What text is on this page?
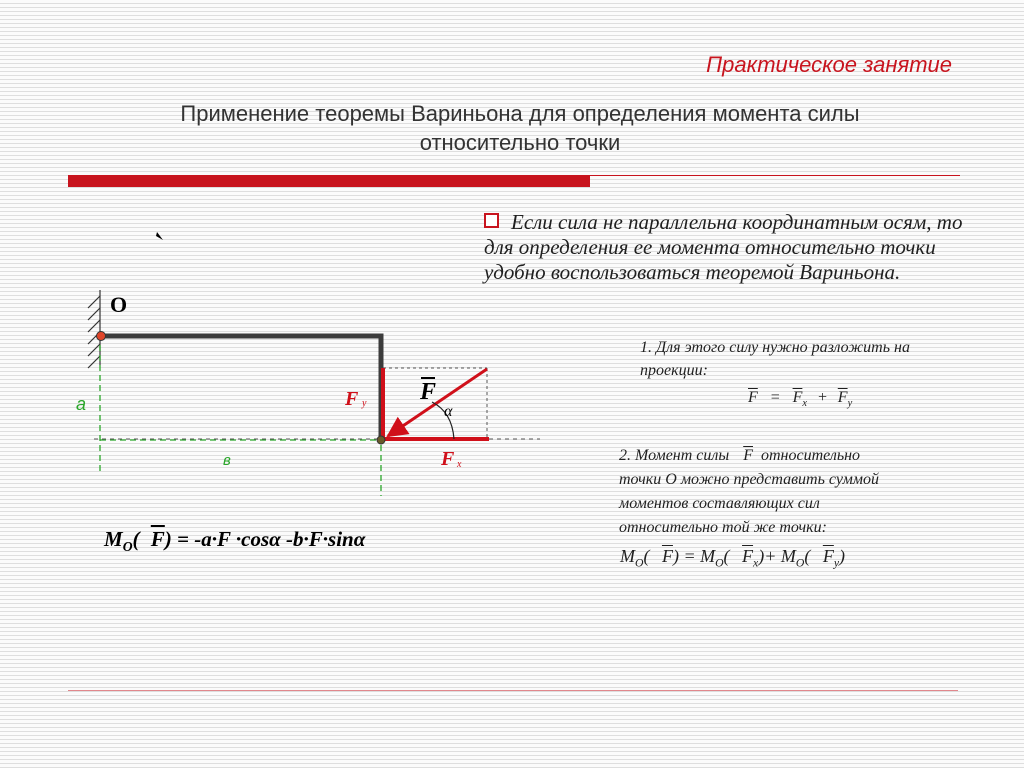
Практическое занятие
Применение теоремы Вариньона для определения момента силы
относительно точки
Если сила не параллельна координатным осям, то для определения ее момента относительно точки удобно воспользоваться теоремой Вариньона.
1. Для этого силу нужно разложить на
проекции:
$\overline{F} = \overline{F}_x + \overline{F}_y$
2. Момент силы $\overline{F}$ относительно
точки О можно представить суммой
моментов составляющих сил
относительно той же точки:
$M_O$( $\overline{F}) = M_O$( $\overline{F}_x)+ M_O$( $\overline{F}_y$)
$M_O$( $\overline{F}) = -a\cdot F \cdot\cos\alpha$ -b·F·sinα
O
a
в
F
α
F y
F x
